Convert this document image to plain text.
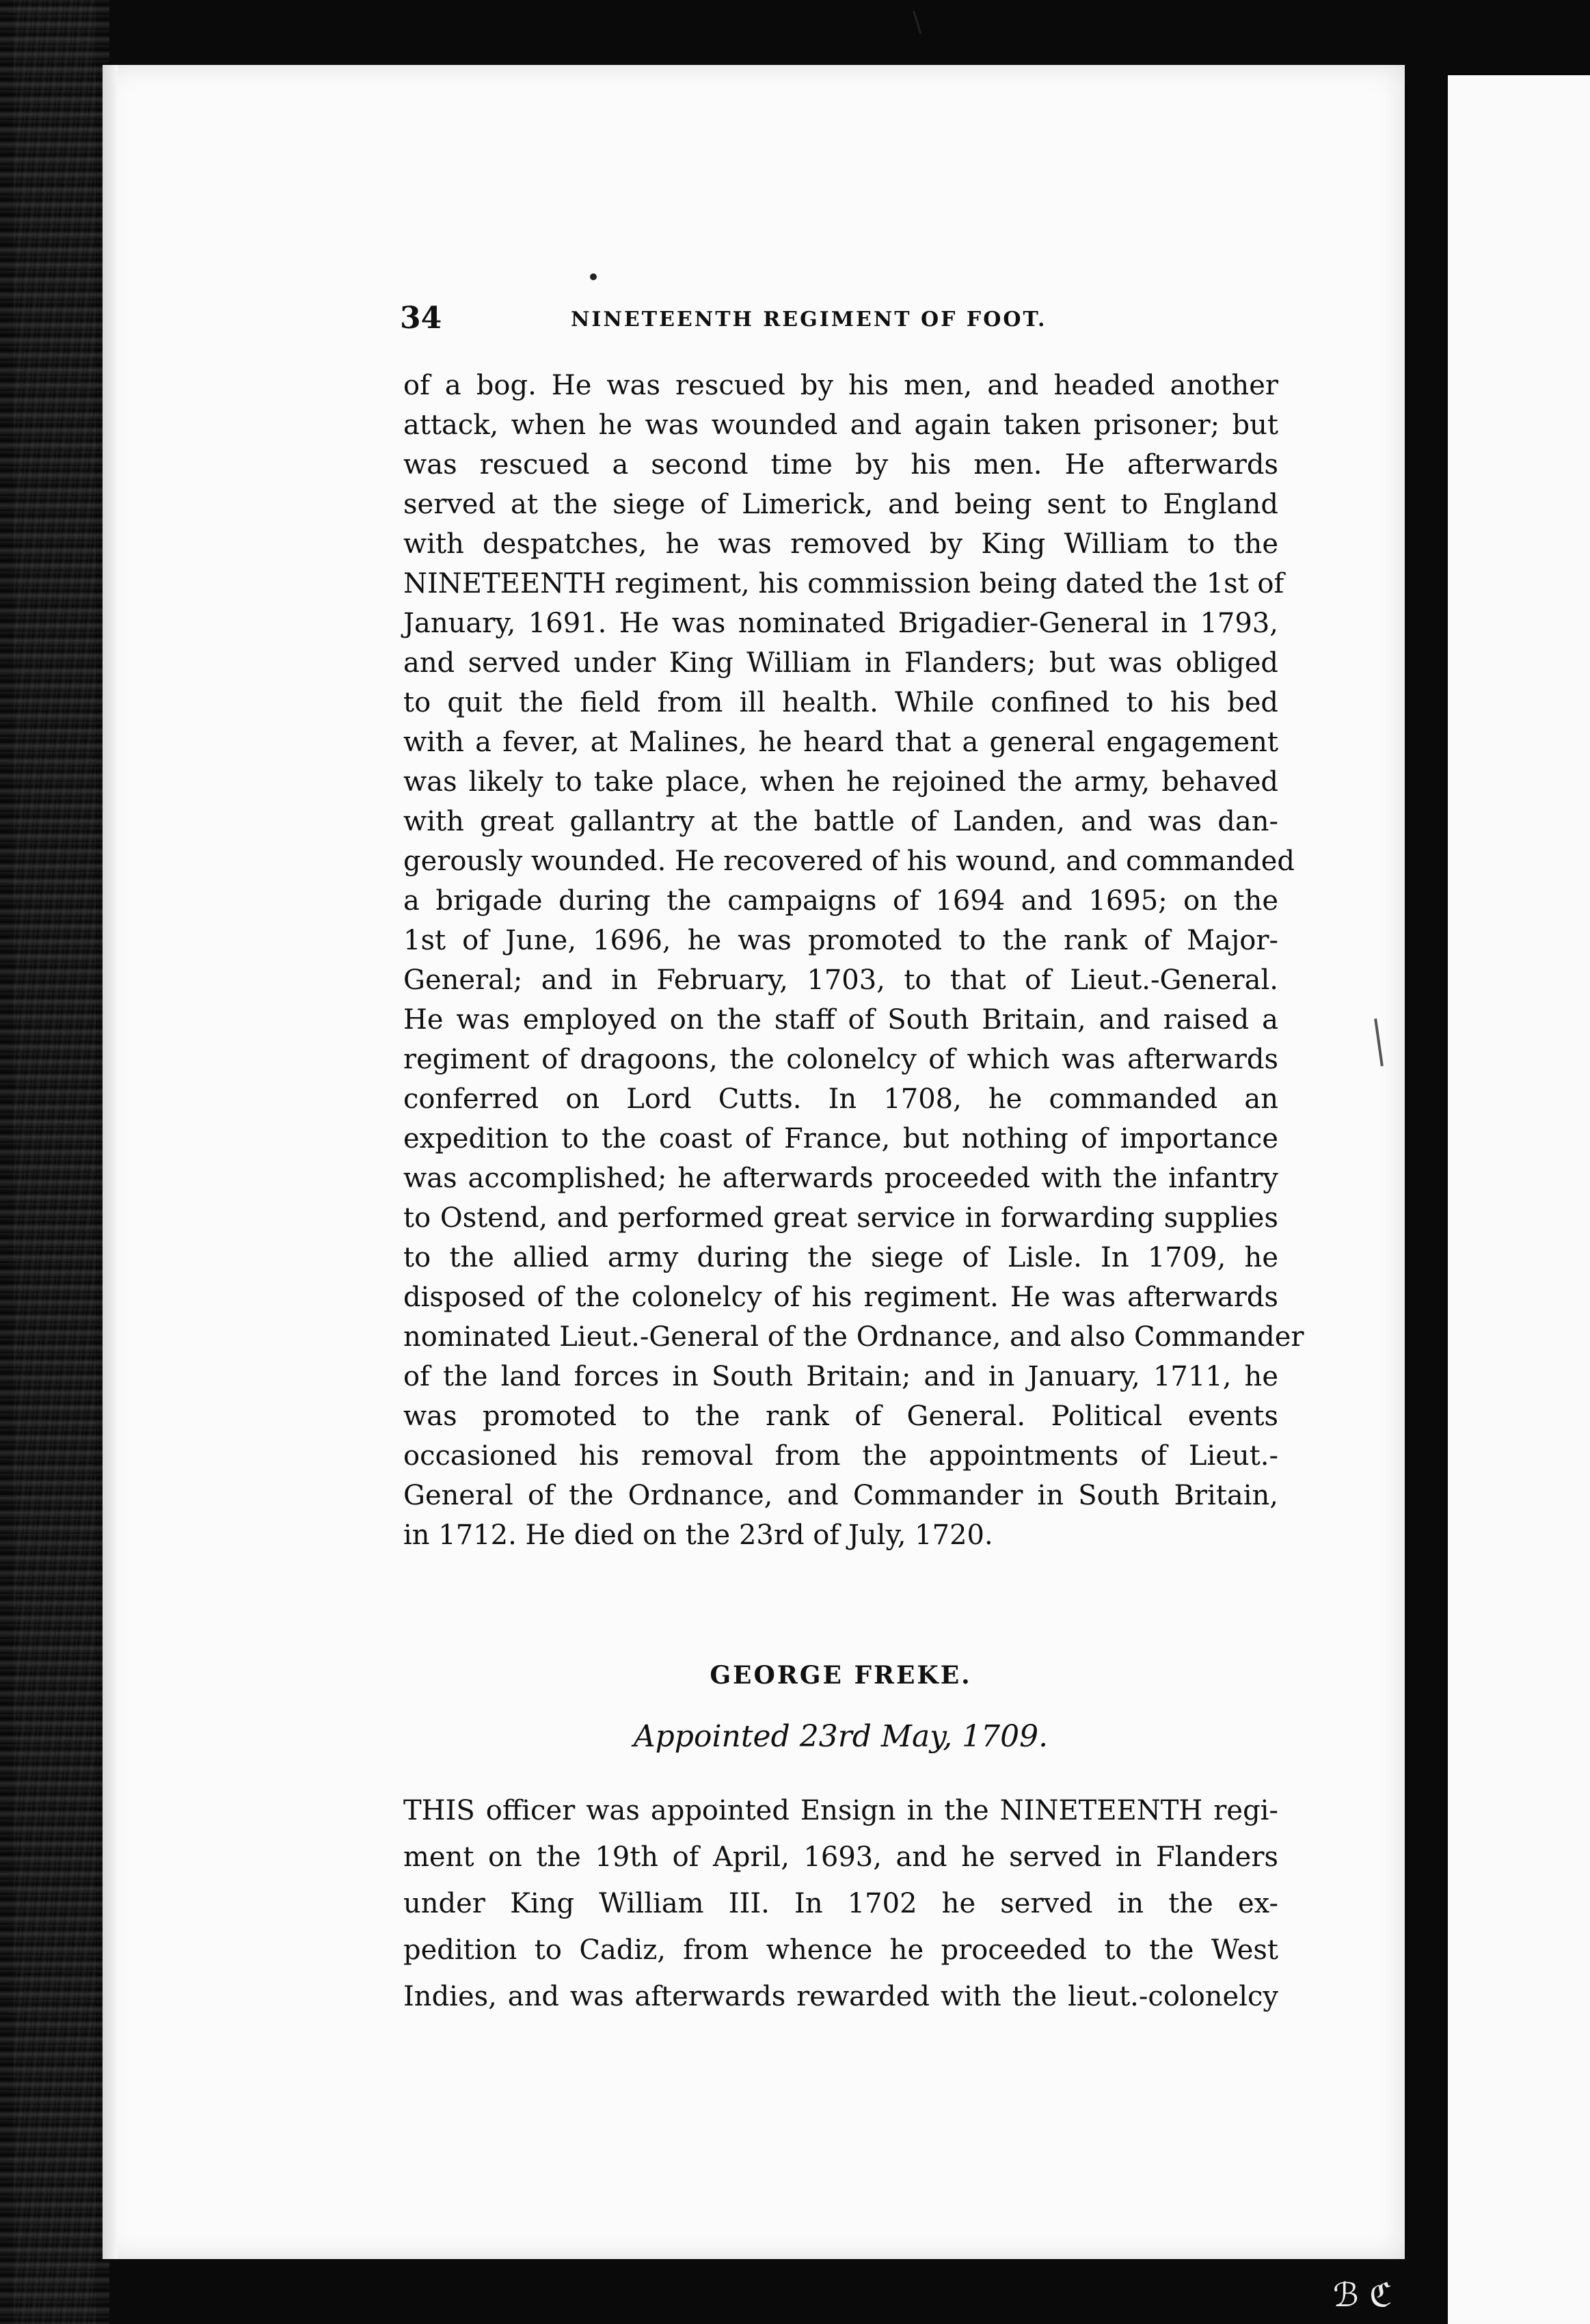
\
34	NINETEENTH REGIMENT OF FOOT.
of a bog. He was rescued by his men, and headed another
attack, when he was wounded and again taken prisoner; but
was rescued a second time by his men. He afterwards
served at the siege of Limerick, and being sent to England
with despatches, he was removed by King William to the
NINETEENTH regiment, his commission being dated the 1st of
January, 1691. He was nominated Brigadier-General in 1793,
and served under King William in Flanders; but was obliged
to quit the field from ill health. While confined to his bed
with a fever, at Malines, he heard that a general engagement
was likely to take place, when he rejoined the army, behaved
with great gallantry at the battle of Landen, and was dan-
gerously wounded. He recovered of his wound, and commanded
a brigade during the campaigns of 1694 and 1695; on the
1st of June, 1696, he was promoted to the rank of Major-
General; and in February, 1703, to that of Lieut.-General.
He was employed on the staff of South Britain, and raised a
regiment of dragoons, the colonelcy of which was afterwards
conferred on Lord Cutts. In 1708, he commanded an
expedition to the coast of France, but nothing of importance
was accomplished; he afterwards proceeded with the infantry
to Ostend, and performed great service in forwarding supplies
to the allied army during the siege of Lisle. In 1709, he
disposed of the colonelcy of his regiment. He was afterwards
nominated Lieut.-General of the Ordnance, and also Commander
of the land forces in South Britain; and in January, 1711, he
was promoted to the rank of General. Political events
occasioned his removal from the appointments of Lieut.-
General of the Ordnance, and Commander in South Britain,
in 1712. He died on the 23rd of July, 1720.
GEORGE FREKE.
Appointed 23rd May, 1709.
THIS officer was appointed Ensign in the NINETEENTH regi-
ment on the 19th of April, 1693, and he served in Flanders
under King William III. In 1702 he served in the ex-
pedition to Cadiz, from whence he proceeded to the West
Indies, and was afterwards rewarded with the lieut.-colonelcy
ℬ ℭ
